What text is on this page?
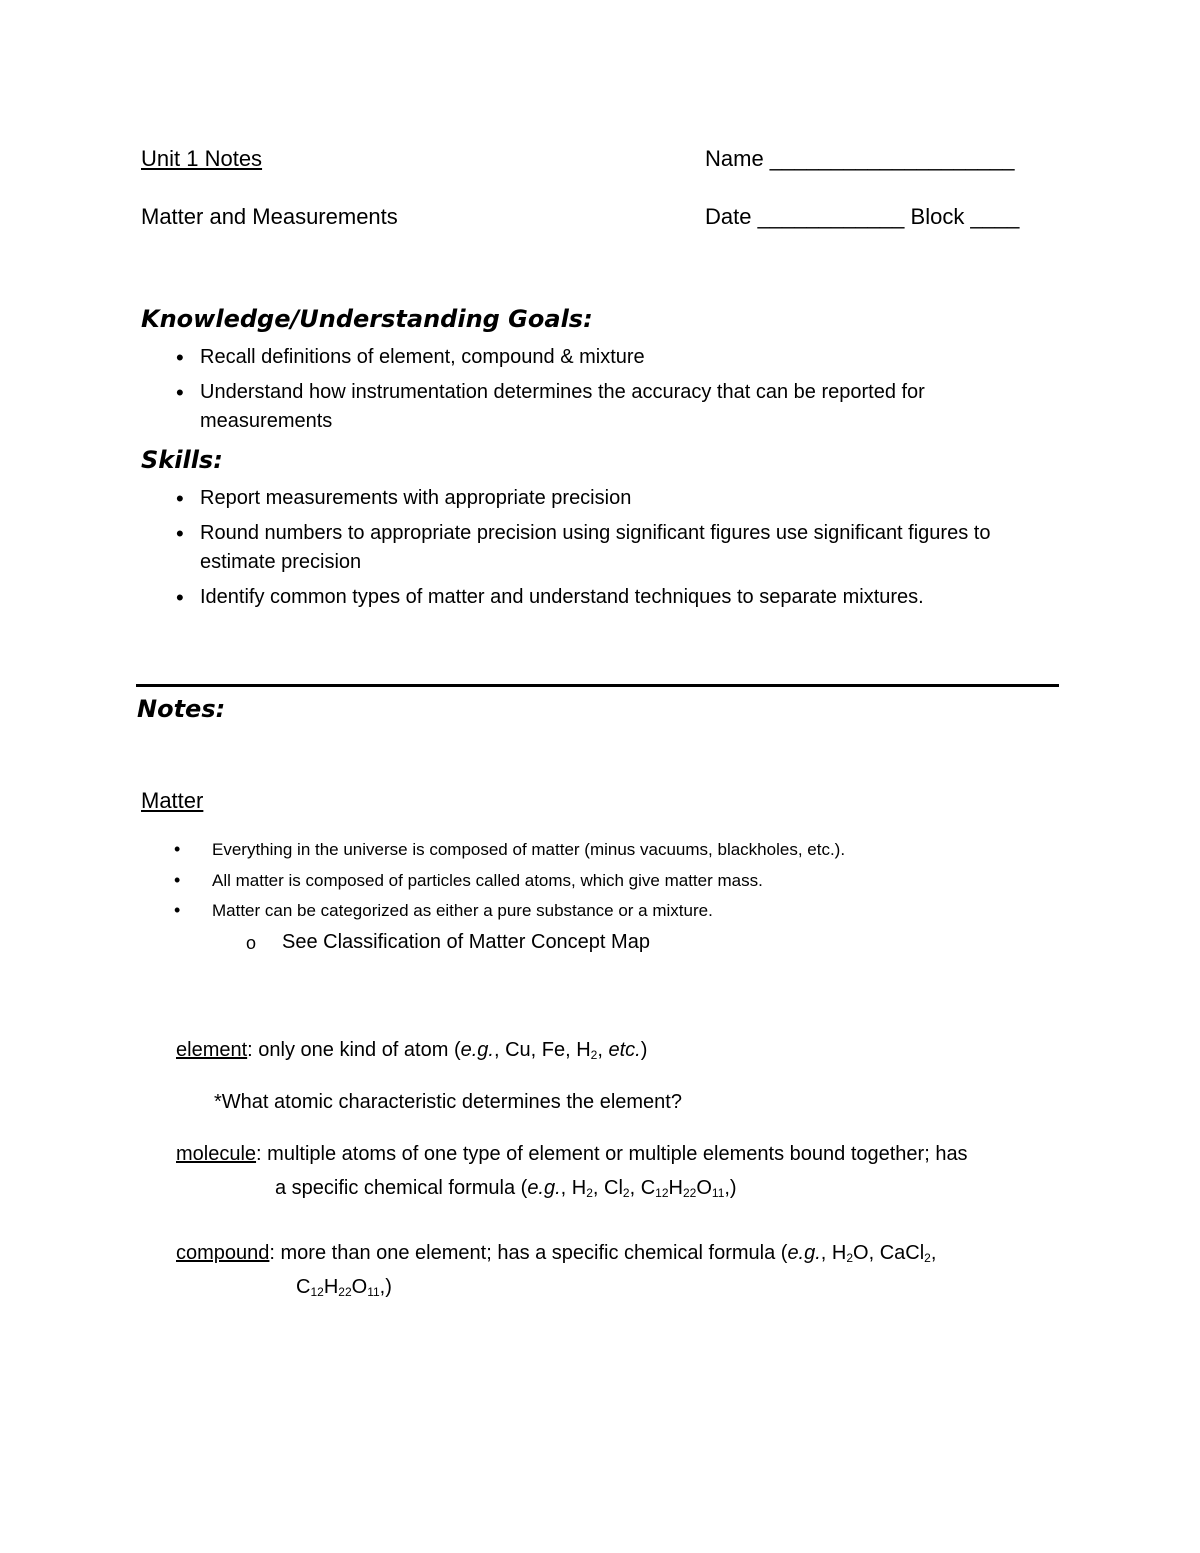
Unit 1 Notes
Matter and Measurements
Name ____________________
Date ____________ Block ____
Knowledge/Understanding Goals:
• Recall definitions of element, compound & mixture
• Understand how instrumentation determines the accuracy that can be reported for measurements
Skills:
• Report measurements with appropriate precision
• Round numbers to appropriate precision using significant figures use significant figures to estimate precision
• Identify common types of matter and understand techniques to separate mixtures.
Notes:
Matter
• Everything in the universe is composed of matter (minus vacuums, blackholes, etc.).
• All matter is composed of particles called atoms, which give matter mass.
• Matter can be categorized as either a pure substance or a mixture.
o See Classification of Matter Concept Map
element: only one kind of atom (e.g., Cu, Fe, $H_2$, etc.)
*What atomic characteristic determines the element?
molecule: multiple atoms of one type of element or multiple elements bound together; has
a specific chemical formula (e.g., $H_2$, $Cl_2$, $C_{12}H_{22}O_{11}$,)
compound: more than one element; has a specific chemical formula (e.g., $H_2O$, CaCl$_2$,
$C_{12}H_{22}O_{11}$,)
